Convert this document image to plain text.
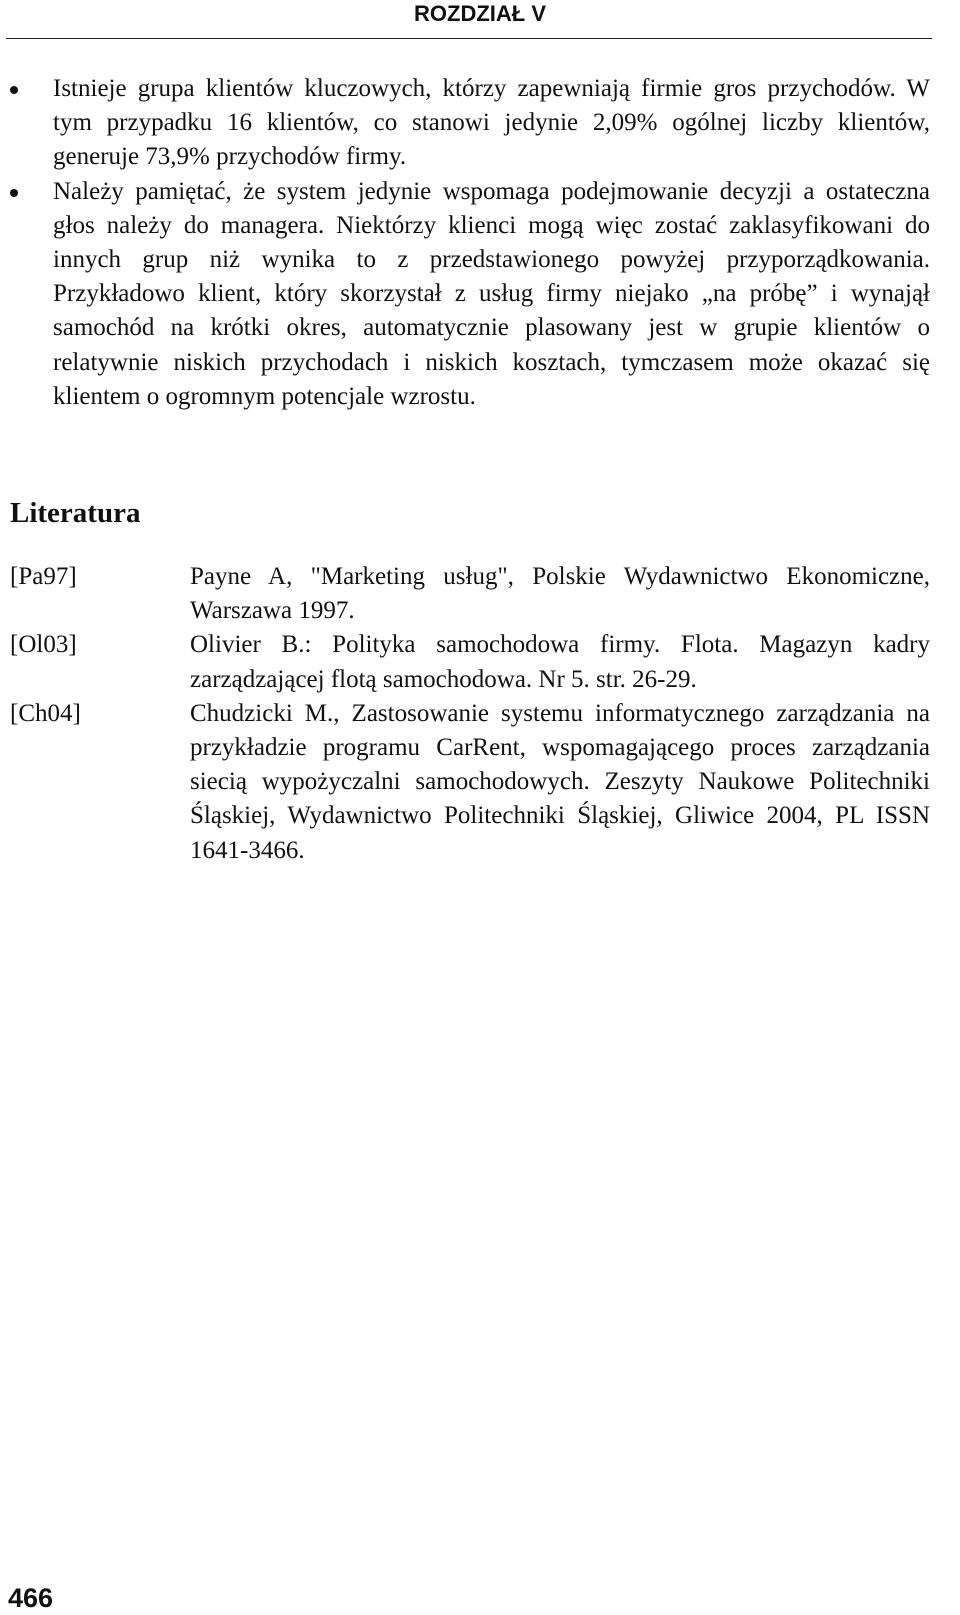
ROZDZIAŁ V
Istnieje grupa klientów kluczowych, którzy zapewniają firmie gros przychodów. W tym przypadku 16 klientów, co stanowi jedynie 2,09% ogólnej liczby klientów, generuje 73,9% przychodów firmy.
Należy pamiętać, że system jedynie wspomaga podejmowanie decyzji a ostateczna głos należy do managera. Niektórzy klienci mogą więc zostać zaklasyfikowani do innych grup niż wynika to z przedstawionego powyżej przyporządkowania. Przykładowo klient, który skorzystał z usług firmy niejako „na próbę” i wynajął samochód na krótki okres, automatycznie plasowany jest w grupie klientów o relatywnie niskich przychodach i niskich kosztach, tymczasem może okazać się klientem o ogromnym potencjale wzrostu.
Literatura
[Pa97]	Payne A, "Marketing usług", Polskie Wydawnictwo Ekonomiczne, Warszawa 1997.
[Ol03]	Olivier B.: Polityka samochodowa firmy. Flota. Magazyn kadry zarządzającej flotą samochodowa. Nr 5. str. 26-29.
[Ch04]	Chudzicki M., Zastosowanie systemu informatycznego zarządzania na przykładzie programu CarRent, wspomagającego proces zarządzania siecią wypożyczalni samochodowych. Zeszyty Naukowe Politechniki Śląskiej, Wydawnictwo Politechniki Śląskiej, Gliwice 2004, PL ISSN 1641-3466.
466
